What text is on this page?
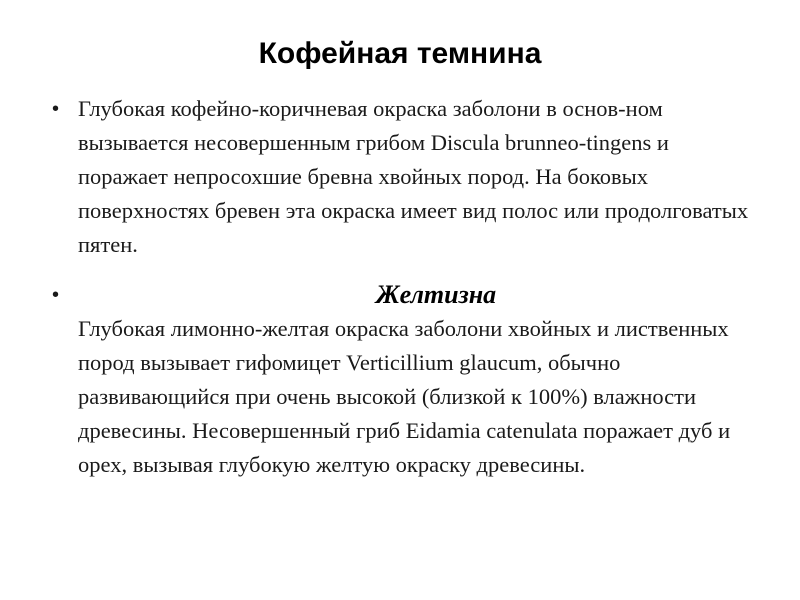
Кофейная темнина
• Глубокая кофейно-коричневая окраска заболони в основ-ном вызывается несовершенным грибом Discula brunneo-tingens и поражает непросохшие бревна хвойных пород. На боковых поверхностях бревен эта окраска имеет вид полос или продолговатых пятен.
•	Желтизна
Глубокая лимонно-желтая окраска заболони хвойных и лиственных пород вызывает гифомицет Verticillium glaucum, обычно развивающийся при очень высокой (близкой к 100%) влажности древесины. Несовершенный гриб Eidamia catenulata поражает дуб и орех, вызывая глубокую желтую окраску древесины.
